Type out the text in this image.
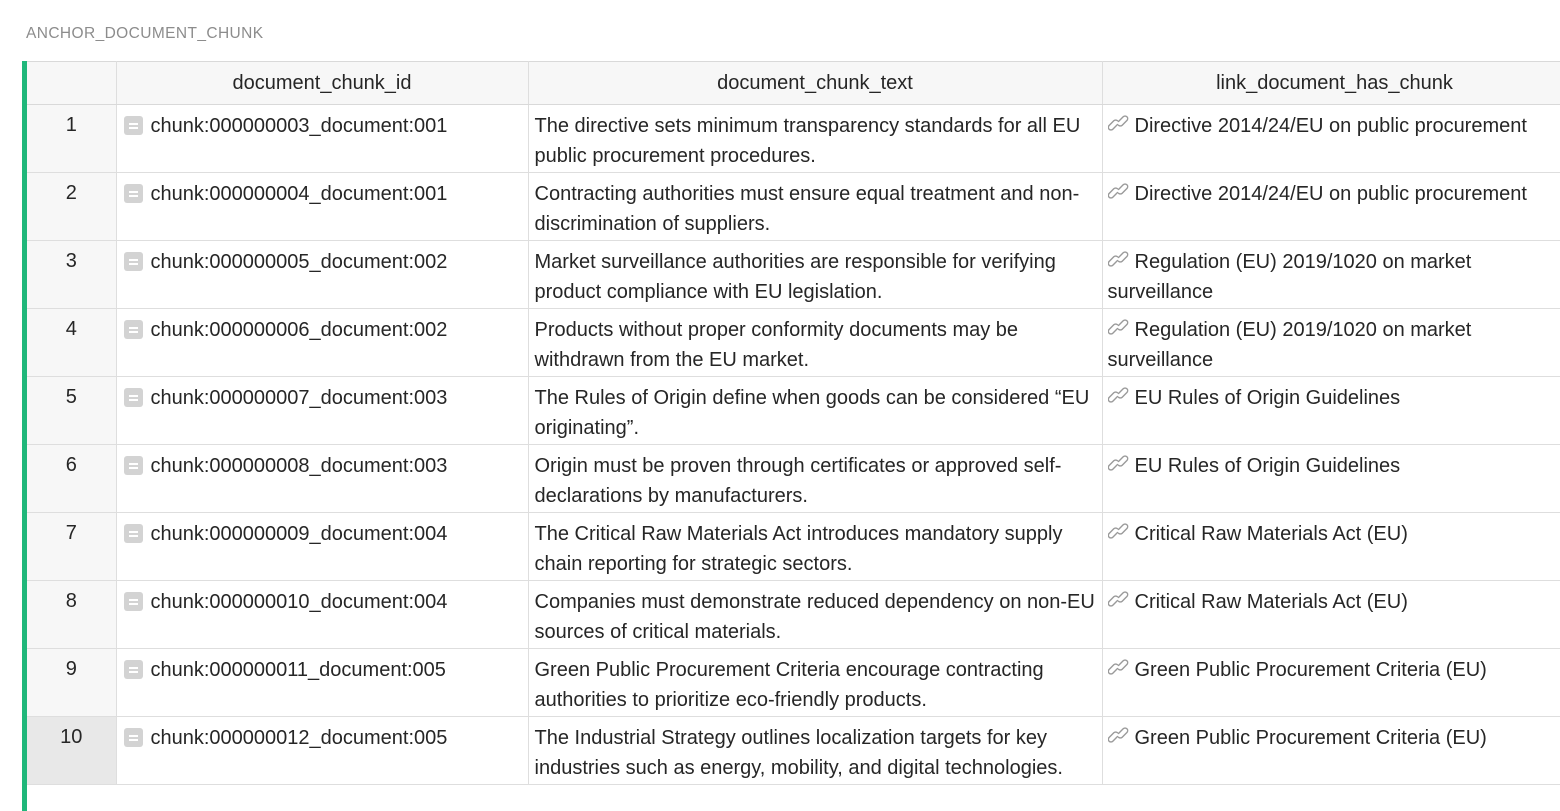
ANCHOR_DOCUMENT_CHUNK
	document_chunk_id	document_chunk_text	link_document_has_chunk
1	chunk:000000003_document:001	The directive sets minimum transparency standards for all EU public procurement procedures.	Directive 2014/24/EU on public procurement
2	chunk:000000004_document:001	Contracting authorities must ensure equal treatment and non-discrimination of suppliers.	Directive 2014/24/EU on public procurement
3	chunk:000000005_document:002	Market surveillance authorities are responsible for verifying product compliance with EU legislation.	Regulation (EU) 2019/1020 on market surveillance
4	chunk:000000006_document:002	Products without proper conformity documents may be withdrawn from the EU market.	Regulation (EU) 2019/1020 on market surveillance
5	chunk:000000007_document:003	The Rules of Origin define when goods can be considered “EU originating”.	EU Rules of Origin Guidelines
6	chunk:000000008_document:003	Origin must be proven through certificates or approved self-declarations by manufacturers.	EU Rules of Origin Guidelines
7	chunk:000000009_document:004	The Critical Raw Materials Act introduces mandatory supply chain reporting for strategic sectors.	Critical Raw Materials Act (EU)
8	chunk:000000010_document:004	Companies must demonstrate reduced dependency on non-EU sources of critical materials.	Critical Raw Materials Act (EU)
9	chunk:000000011_document:005	Green Public Procurement Criteria encourage contracting authorities to prioritize eco-friendly products.	Green Public Procurement Criteria (EU)
10	chunk:000000012_document:005	The Industrial Strategy outlines localization targets for key industries such as energy, mobility, and digital technologies.	Green Public Procurement Criteria (EU)
